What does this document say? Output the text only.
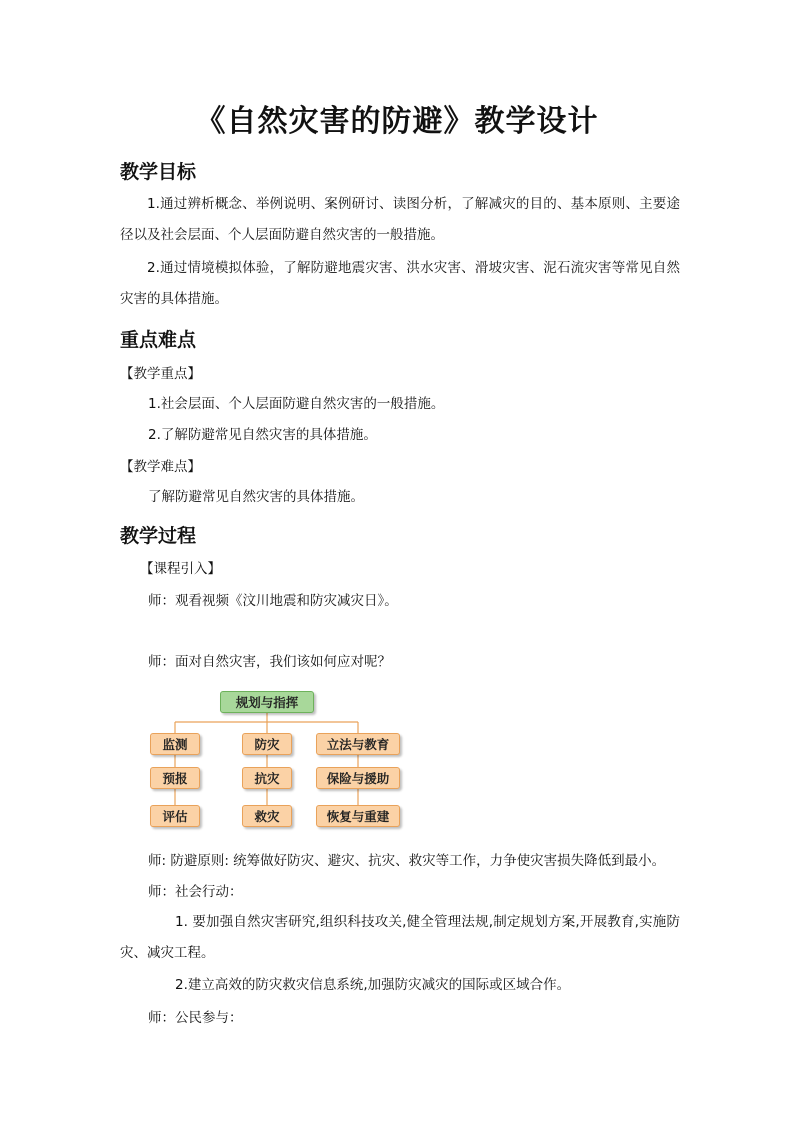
《自然灾害的防避》教学设计
教学目标
1.通过辨析概念、举例说明、案例研讨、读图分析，了解减灾的目的、基本原则、主要途径以及社会层面、个人层面防避自然灾害的一般措施。
2.通过情境模拟体验，了解防避地震灾害、洪水灾害、滑坡灾害、泥石流灾害等常见自然灾害的具体措施。
重点难点
【教学重点】
1.社会层面、个人层面防避自然灾害的一般措施。
2.了解防避常见自然灾害的具体措施。
【教学难点】
了解防避常见自然灾害的具体措施。
教学过程
【课程引入】
师：观看视频《汶川地震和防灾减灾日》。
师：面对自然灾害，我们该如何应对呢？
规划与指挥
监测
预报
评估
防灾
抗灾
救灾
立法与教育
保险与援助
恢复与重建
师: 防避原则: 统筹做好防灾、避灾、抗灾、救灾等工作，力争使灾害损失降低到最小。
师：社会行动：
1. 要加强自然灾害研究,组织科技攻关,健全管理法规,制定规划方案,开展教育,实施防灾、减灾工程。
2.建立高效的防灾救灾信息系统,加强防灾减灾的国际或区域合作。
师：公民参与：
